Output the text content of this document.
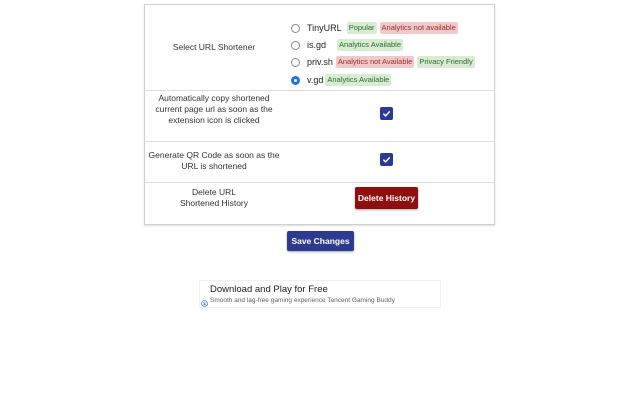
Select URL Shortener
TinyURL Popular Analytics not available
is.gd Analytics Available
priv.sh Analytics not Available Privacy Friendly
v.gd Analytics Available
Automatically copy shortened current page url as soon as the extension icon is clicked
Generate QR Code as soon as the URL is shortened
Delete URL Shortened History	Delete History
Save Changes
✕
Download and Play for Free
Smooth and lag-free gaming experience Tencent Gaming Buddy
